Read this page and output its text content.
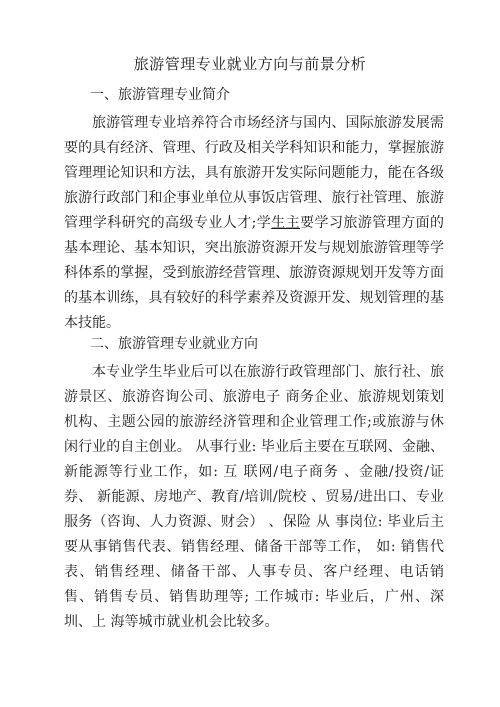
旅游管理专业就业方向与前景分析
一、旅游管理专业简介

旅游管理专业培养符合市场经济与国内、国际旅游发展需要的具有经济、管理、行政及相关学科知识和能力，掌握旅游管理理论知识和方法，具有旅游开发实际问题能力，能在各级旅游行政部门和企事业单位从事饭店管理、旅行社管理、旅游管理学科研究的高级专业人才;学生主要学习旅游管理方面的基本理论、基本知识，突出旅游资源开发与规划旅游管理等学科体系的掌握，受到旅游经营管理、旅游资源规划开发等方面的基本训练，具有较好的科学素养及资源开发、规划管理的基本技能。

二、旅游管理专业就业方向

本专业学生毕业后可以在旅游行政管理部门、旅行社、旅游景区、旅游咨询公司、旅游电子 商务企业、旅游规划策划机构、主题公园的旅游经济管理和企业管理工作;或旅游与休闲行业的自主创业。 从事行业: 毕业后主要在互联网、金融、新能源等行业工作，如: 互 联网/电子商务 、金融/投资/证券、 新能源、房地产、教育/培训/院校 、贸易/进出口、专业服务（咨询、人力资源、财会） 、保险 从 事岗位: 毕业后主要从事销售代表、销售经理、储备干部等工作， 如: 销售代表、销售经理、储备干部、人事专员、客户经理、电话销 售、销售专员、销售助理等; 工作城市: 毕业后，广州、深圳、上 海等城市就业机会比较多。
